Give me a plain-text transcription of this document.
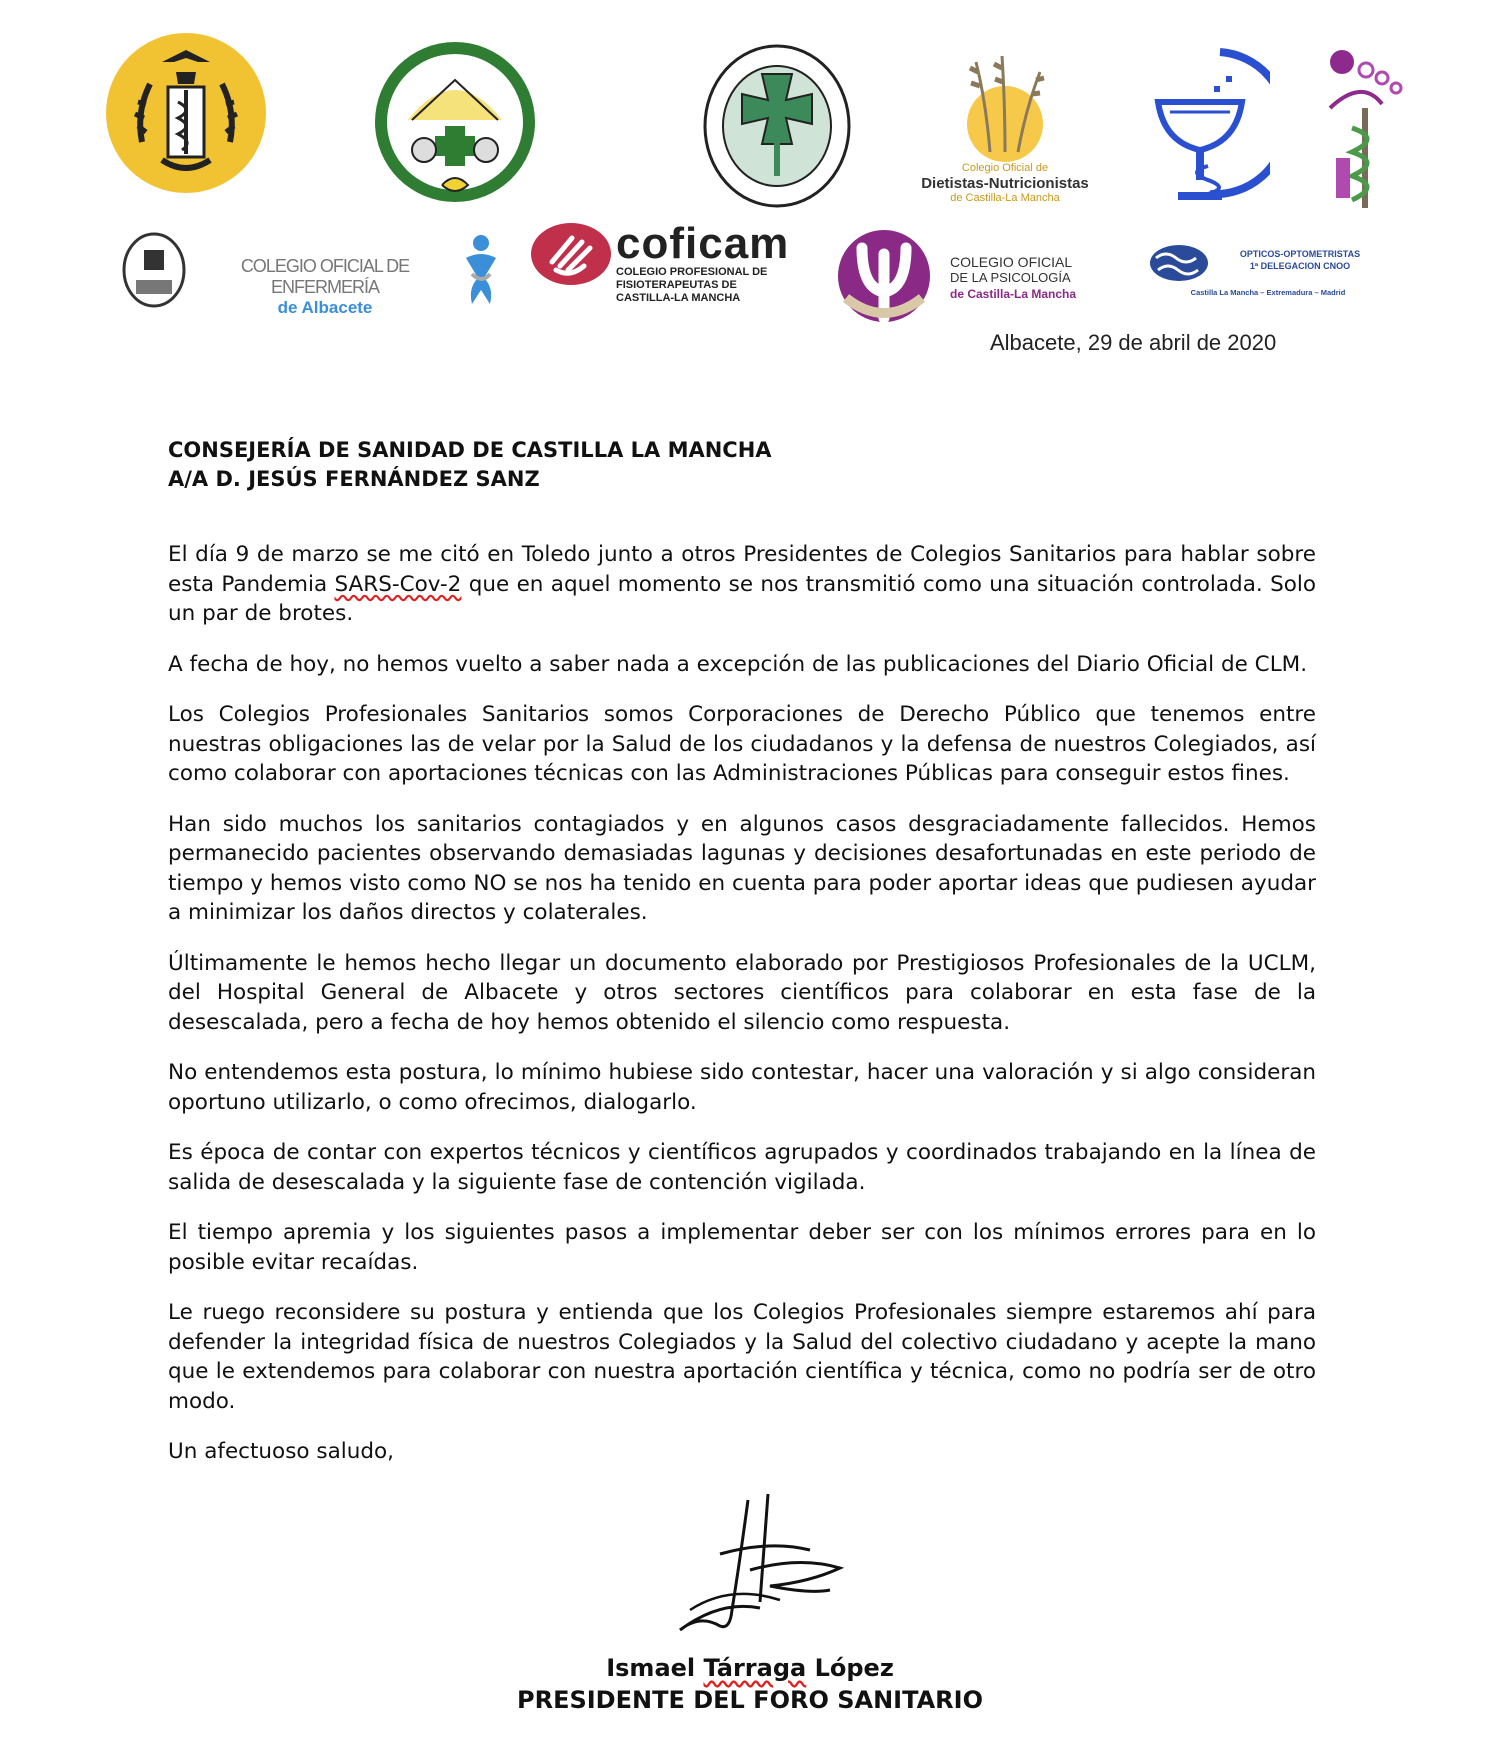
Colegio Oficial de
Dietistas-Nutricionistas
de Castilla-La Mancha
COLEGIO OFICIAL DE ENFERMERÍA
de Albacete
coficam
COLEGIO PROFESIONAL DE
FISIOTERAPEUTAS DE
CASTILLA-LA MANCHA
COLEGIO OFICIAL
DE LA PSICOLOGÍA
de Castilla-La Mancha
OPTICOS-OPTOMETRISTAS
1ª DELEGACION CNOO
Castilla La Mancha – Extremadura – Madrid
Albacete, 29 de abril de 2020
CONSEJERÍA DE SANIDAD DE CASTILLA LA MANCHA
A/A D. JESÚS FERNÁNDEZ SANZ

El día 9 de marzo se me citó en Toledo junto a otros Presidentes de Colegios Sanitarios para hablar sobre esta Pandemia SARS-Cov-2 que en aquel momento se nos transmitió como una situación controlada. Solo un par de brotes.

A fecha de hoy, no hemos vuelto a saber nada a excepción de las publicaciones del Diario Oficial de CLM.

Los Colegios Profesionales Sanitarios somos Corporaciones de Derecho Público que tenemos entre nuestras obligaciones las de velar por la Salud de los ciudadanos y la defensa de nuestros Colegiados, así como colaborar con aportaciones técnicas con las Administraciones Públicas para conseguir estos fines.

Han sido muchos los sanitarios contagiados y en algunos casos desgraciadamente fallecidos. Hemos permanecido pacientes observando demasiadas lagunas y decisiones desafortunadas en este periodo de tiempo y hemos visto como NO se nos ha tenido en cuenta para poder aportar ideas que pudiesen ayudar a minimizar los daños directos y colaterales.

Últimamente le hemos hecho llegar un documento elaborado por Prestigiosos Profesionales de la UCLM, del Hospital General de Albacete y otros sectores científicos para colaborar en esta fase de la desescalada, pero a fecha de hoy hemos obtenido el silencio como respuesta.

No entendemos esta postura, lo mínimo hubiese sido contestar, hacer una valoración y si algo consideran oportuno utilizarlo, o como ofrecimos, dialogarlo.

Es época de contar con expertos técnicos y científicos agrupados y coordinados trabajando en la línea de salida de desescalada y la siguiente fase de contención vigilada.

El tiempo apremia y los siguientes pasos a implementar deber ser con los mínimos errores para en lo posible evitar recaídas.

Le ruego reconsidere su postura y entienda que los Colegios Profesionales siempre estaremos ahí para defender la integridad física de nuestros Colegiados y la Salud del colectivo ciudadano y acepte la mano que le extendemos para colaborar con nuestra aportación científica y técnica, como no podría ser de otro modo.

Un afectuoso saludo,

Ismael Tárraga López
PRESIDENTE DEL FORO SANITARIO
